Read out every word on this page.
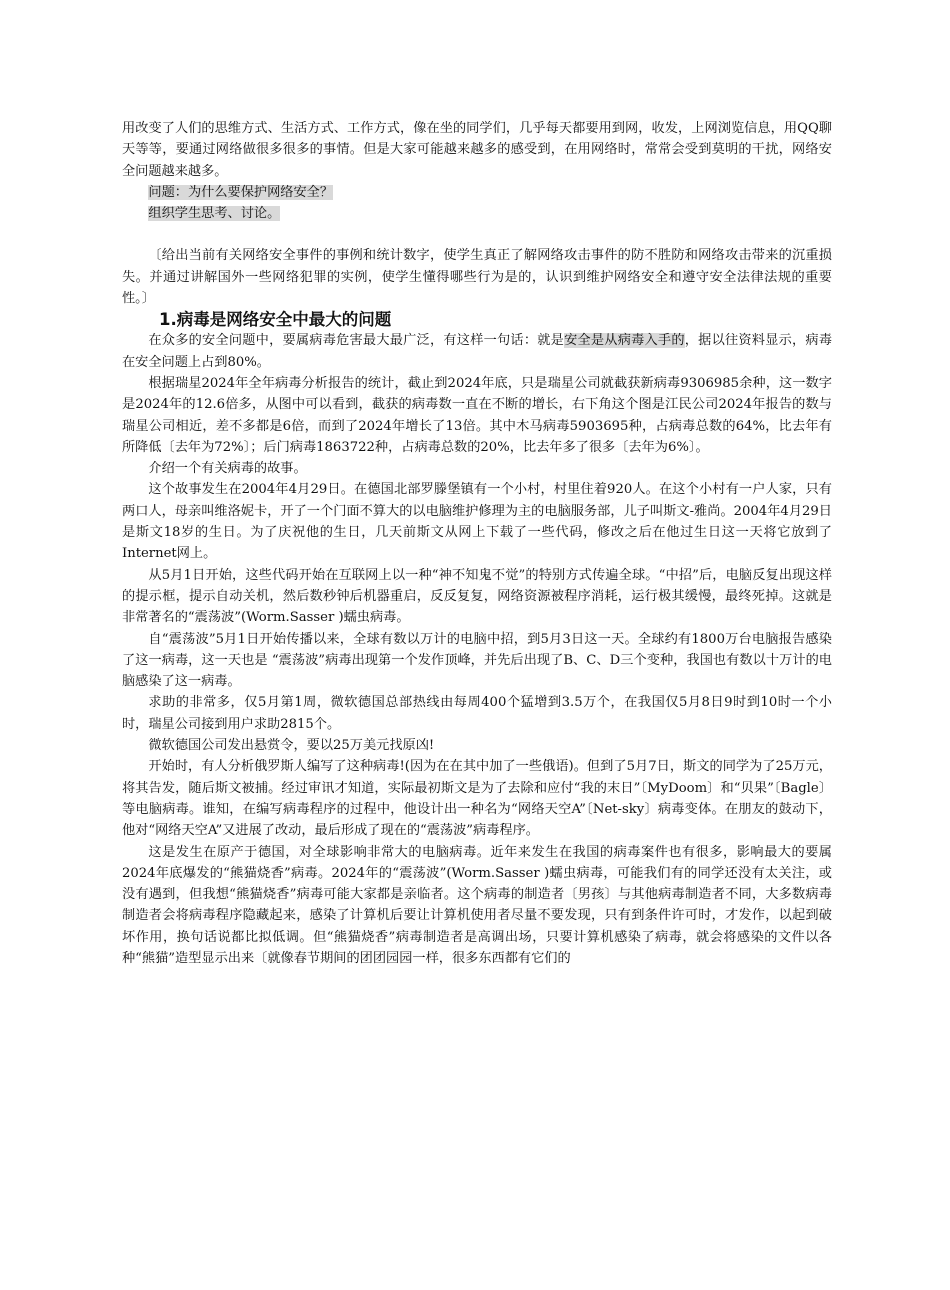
用改变了人们的思维方式、生活方式、工作方式，像在坐的同学们，几乎每天都要用到网，收发，上网浏览信息，用QQ聊天等等，要通过网络做很多很多的事情。但是大家可能越来越多的感受到，在用网络时，常常会受到莫明的干扰，网络安全问题越来越多。

问题：为什么要保护网络安全？

组织学生思考、讨论。

〔给出当前有关网络安全事件的事例和统计数字，使学生真正了解网络攻击事件的防不胜防和网络攻击带来的沉重损失。并通过讲解国外一些网络犯罪的实例，使学生懂得哪些行为是的，认识到维护网络安全和遵守安全法律法规的重要性。〕

1.病毒是网络安全中最大的问题

在众多的安全问题中，要属病毒危害最大最广泛，有这样一句话：就是安全是从病毒入手的，据以往资料显示，病毒在安全问题上占到80%。

根据瑞星2024年全年病毒分析报告的统计，截止到2024年底，只是瑞星公司就截获新病毒9306985余种，这一数字是2024年的12.6倍多，从图中可以看到，截获的病毒数一直在不断的增长，右下角这个图是江民公司2024年报告的数与瑞星公司相近，差不多都是6倍，而到了2024年增长了13倍。其中木马病毒5903695种，占病毒总数的64%，比去年有所降低〔去年为72%〕；后门病毒1863722种，占病毒总数的20%，比去年多了很多〔去年为6%〕。

介绍一个有关病毒的故事。

这个故事发生在2004年4月29日。在德国北部罗滕堡镇有一个小村，村里住着920人。在这个小村有一户人家，只有两口人，母亲叫维洛妮卡，开了一个门面不算大的以电脑维护修理为主的电脑服务部，儿子叫斯文-雅尚。2004年4月29日是斯文18岁的生日。为了庆祝他的生日，几天前斯文从网上下载了一些代码，修改之后在他过生日这一天将它放到了Internet网上。

从5月1日开始，这些代码开始在互联网上以一种“神不知鬼不觉”的特别方式传遍全球。“中招”后，电脑反复出现这样的提示框，提示自动关机，然后数秒钟后机器重启，反反复复，网络资源被程序消耗，运行极其缓慢，最终死掉。这就是非常著名的“震荡波”(Worm.Sasser )蠕虫病毒。

自“震荡波”5月1日开始传播以来，全球有数以万计的电脑中招，到5月3日这一天。全球约有1800万台电脑报告感染了这一病毒，这一天也是 “震荡波”病毒出现第一个发作顶峰，并先后出现了B、C、D三个变种，我国也有数以十万计的电脑感染了这一病毒。

求助的非常多，仅5月第1周，微软德国总部热线由每周400个猛增到3.5万个，在我国仅5月8日9时到10时一个小时，瑞星公司接到用户求助2815个。

微软德国公司发出悬赏令，要以25万美元找原凶!

开始时，有人分析俄罗斯人编写了这种病毒!(因为在在其中加了一些俄语)。但到了5月7日，斯文的同学为了25万元，将其告发，随后斯文被捕。经过审讯才知道，实际最初斯文是为了去除和应付“我的末日”〔MyDoom〕和“贝果”〔Bagle〕等电脑病毒。谁知，在编写病毒程序的过程中，他设计出一种名为“网络天空A”〔Net-sky〕病毒变体。在朋友的鼓动下，他对“网络天空A”又进展了改动，最后形成了现在的“震荡波”病毒程序。

这是发生在原产于德国，对全球影响非常大的电脑病毒。近年来发生在我国的病毒案件也有很多，影响最大的要属2024年底爆发的“熊猫烧香”病毒。2024年的“震荡波”(Worm.Sasser )蠕虫病毒，可能我们有的同学还没有太关注，或没有遇到，但我想“熊猫烧香”病毒可能大家都是亲临者。这个病毒的制造者〔男孩〕与其他病毒制造者不同，大多数病毒制造者会将病毒程序隐藏起来，感染了计算机后要让计算机使用者尽量不要发现，只有到条件许可时，才发作，以起到破坏作用，换句话说都比拟低调。但“熊猫烧香”病毒制造者是高调出场，只要计算机感染了病毒，就会将感染的文件以各种“熊猫”造型显示出来〔就像春节期间的团团园园一样，很多东西都有它们的
